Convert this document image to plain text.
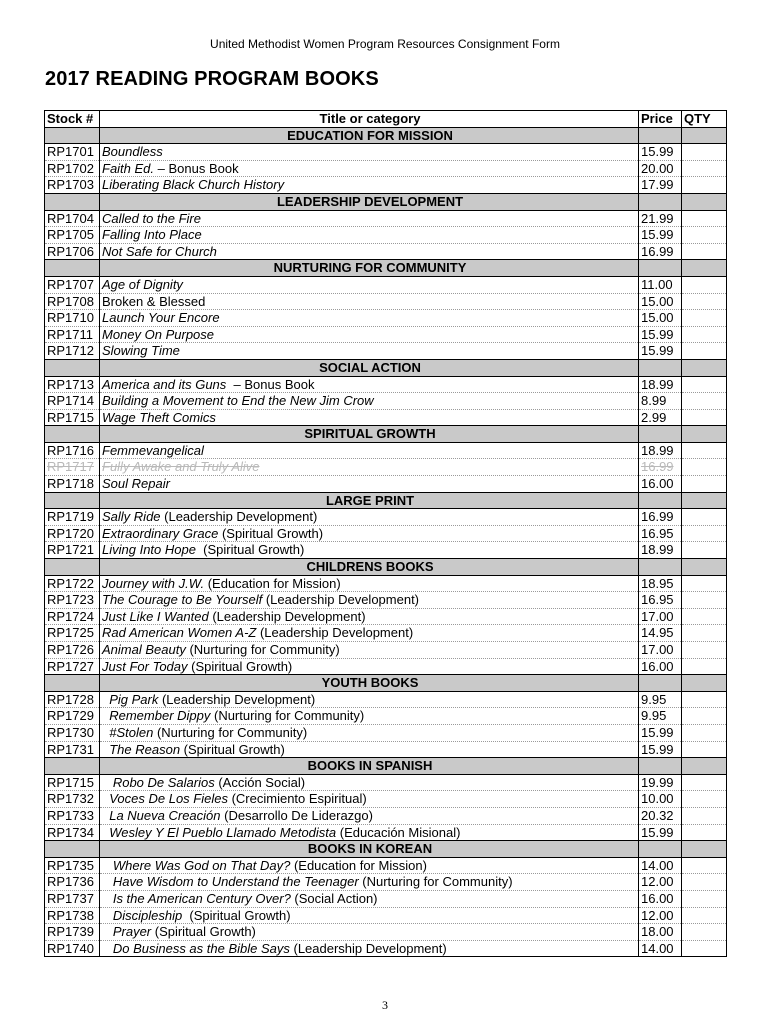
United Methodist Women Program Resources Consignment Form
2017 READING PROGRAM BOOKS
Stock #	Title or category	Price	QTY
	EDUCATION FOR MISSION		
RP1701	Boundless	15.99	
RP1702	Faith Ed. – Bonus Book	20.00	
RP1703	Liberating Black Church History	17.99	
	LEADERSHIP DEVELOPMENT		
RP1704	Called to the Fire	21.99	
RP1705	Falling Into Place	15.99	
RP1706	Not Safe for Church	16.99	
	NURTURING FOR COMMUNITY		
RP1707	Age of Dignity	11.00	
RP1708	Broken & Blessed	15.00	
RP1710	Launch Your Encore	15.00	
RP1711	Money On Purpose	15.99	
RP1712	Slowing Time	15.99	
	SOCIAL ACTION		
RP1713	America and its Guns  – Bonus Book	18.99	
RP1714	Building a Movement to End the New Jim Crow	8.99	
RP1715	Wage Theft Comics	2.99	
	SPIRITUAL GROWTH		
RP1716	Femmevangelical	18.99	
RP1717	Fully Awake and Truly Alive	16.99	
RP1718	Soul Repair	16.00	
	LARGE PRINT		
RP1719	Sally Ride (Leadership Development)	16.99	
RP1720	Extraordinary Grace (Spiritual Growth)	16.95	
RP1721	Living Into Hope  (Spiritual Growth)	18.99	
	CHILDRENS BOOKS		
RP1722	Journey with J.W. (Education for Mission)	18.95	
RP1723	The Courage to Be Yourself (Leadership Development)	16.95	
RP1724	Just Like I Wanted (Leadership Development)	17.00	
RP1725	Rad American Women A-Z (Leadership Development)	14.95	
RP1726	Animal Beauty (Nurturing for Community)	17.00	
RP1727	Just For Today (Spiritual Growth)	16.00	
	YOUTH BOOKS		
RP1728	Pig Park (Leadership Development)	9.95	
RP1729	Remember Dippy (Nurturing for Community)	9.95	
RP1730	#Stolen (Nurturing for Community)	15.99	
RP1731	The Reason (Spiritual Growth)	15.99	
	BOOKS IN SPANISH		
RP1715	Robo De Salarios (Acción Social)	19.99	
RP1732	Voces De Los Fieles (Crecimiento Espiritual)	10.00	
RP1733	La Nueva Creación (Desarrollo De Liderazgo)	20.32	
RP1734	Wesley Y El Pueblo Llamado Metodista (Educación Misional)	15.99	
	BOOKS IN KOREAN		
RP1735	Where Was God on That Day? (Education for Mission)	14.00	
RP1736	Have Wisdom to Understand the Teenager (Nurturing for Community)	12.00	
RP1737	Is the American Century Over? (Social Action)	16.00	
RP1738	Discipleship  (Spiritual Growth)	12.00	
RP1739	Prayer (Spiritual Growth)	18.00	
RP1740	Do Business as the Bible Says (Leadership Development)	14.00	
3
